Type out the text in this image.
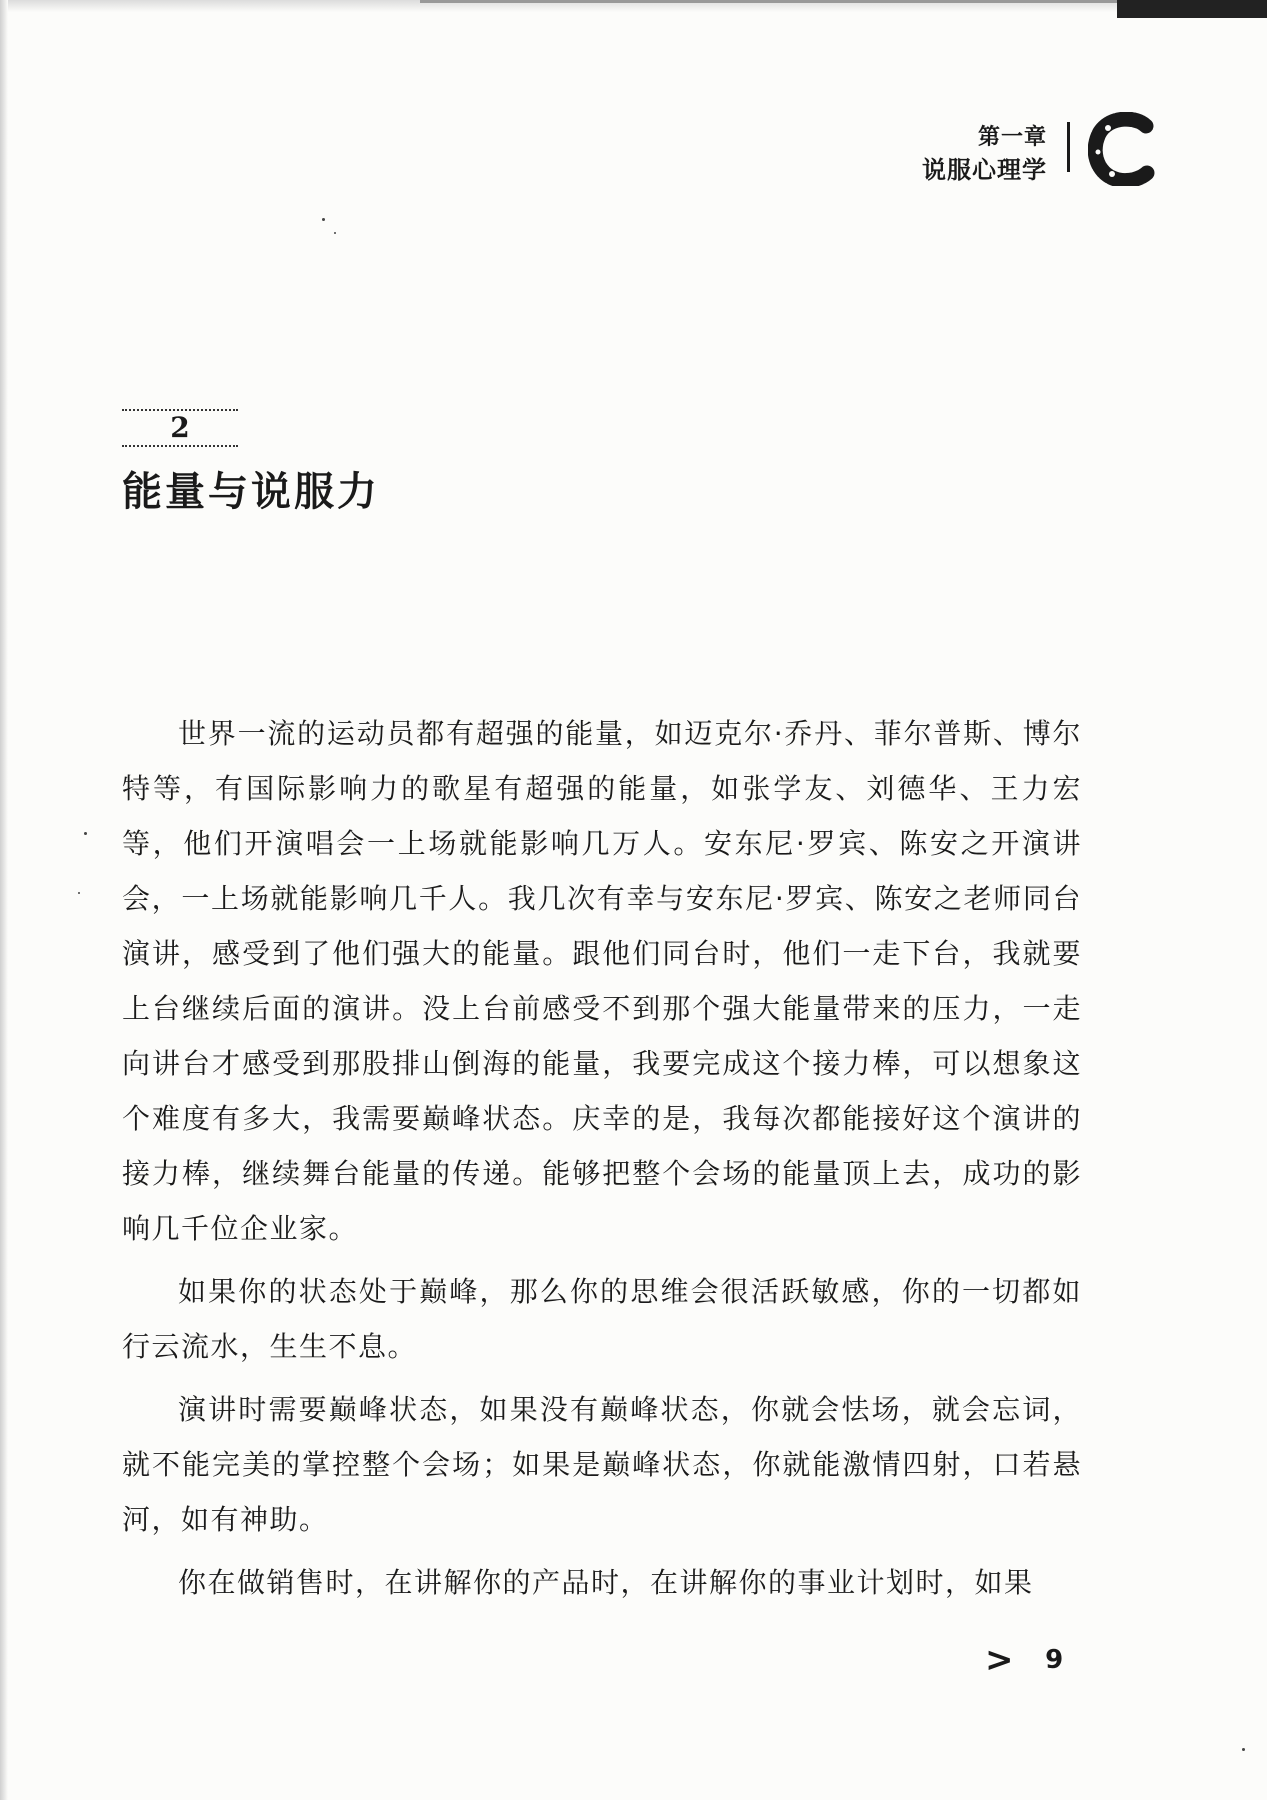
第一章
说服心理学
2
能量与说服力

世界一流的运动员都有超强的能量，如迈克尔·乔丹、菲尔普斯、博尔特等，有国际影响力的歌星有超强的能量，如张学友、刘德华、王力宏等，他们开演唱会一上场就能影响几万人。安东尼·罗宾、陈安之开演讲会，一上场就能影响几千人。我几次有幸与安东尼·罗宾、陈安之老师同台演讲，感受到了他们强大的能量。跟他们同台时，他们一走下台，我就要上台继续后面的演讲。没上台前感受不到那个强大能量带来的压力，一走向讲台才感受到那股排山倒海的能量，我要完成这个接力棒，可以想象这个难度有多大，我需要巅峰状态。庆幸的是，我每次都能接好这个演讲的接力棒，继续舞台能量的传递。能够把整个会场的能量顶上去，成功的影响几千位企业家。

如果你的状态处于巅峰，那么你的思维会很活跃敏感，你的一切都如行云流水，生生不息。

演讲时需要巅峰状态，如果没有巅峰状态，你就会怯场，就会忘词，就不能完美的掌控整个会场；如果是巅峰状态，你就能激情四射，口若悬河，如有神助。

你在做销售时，在讲解你的产品时，在讲解你的事业计划时，如果

> 9
